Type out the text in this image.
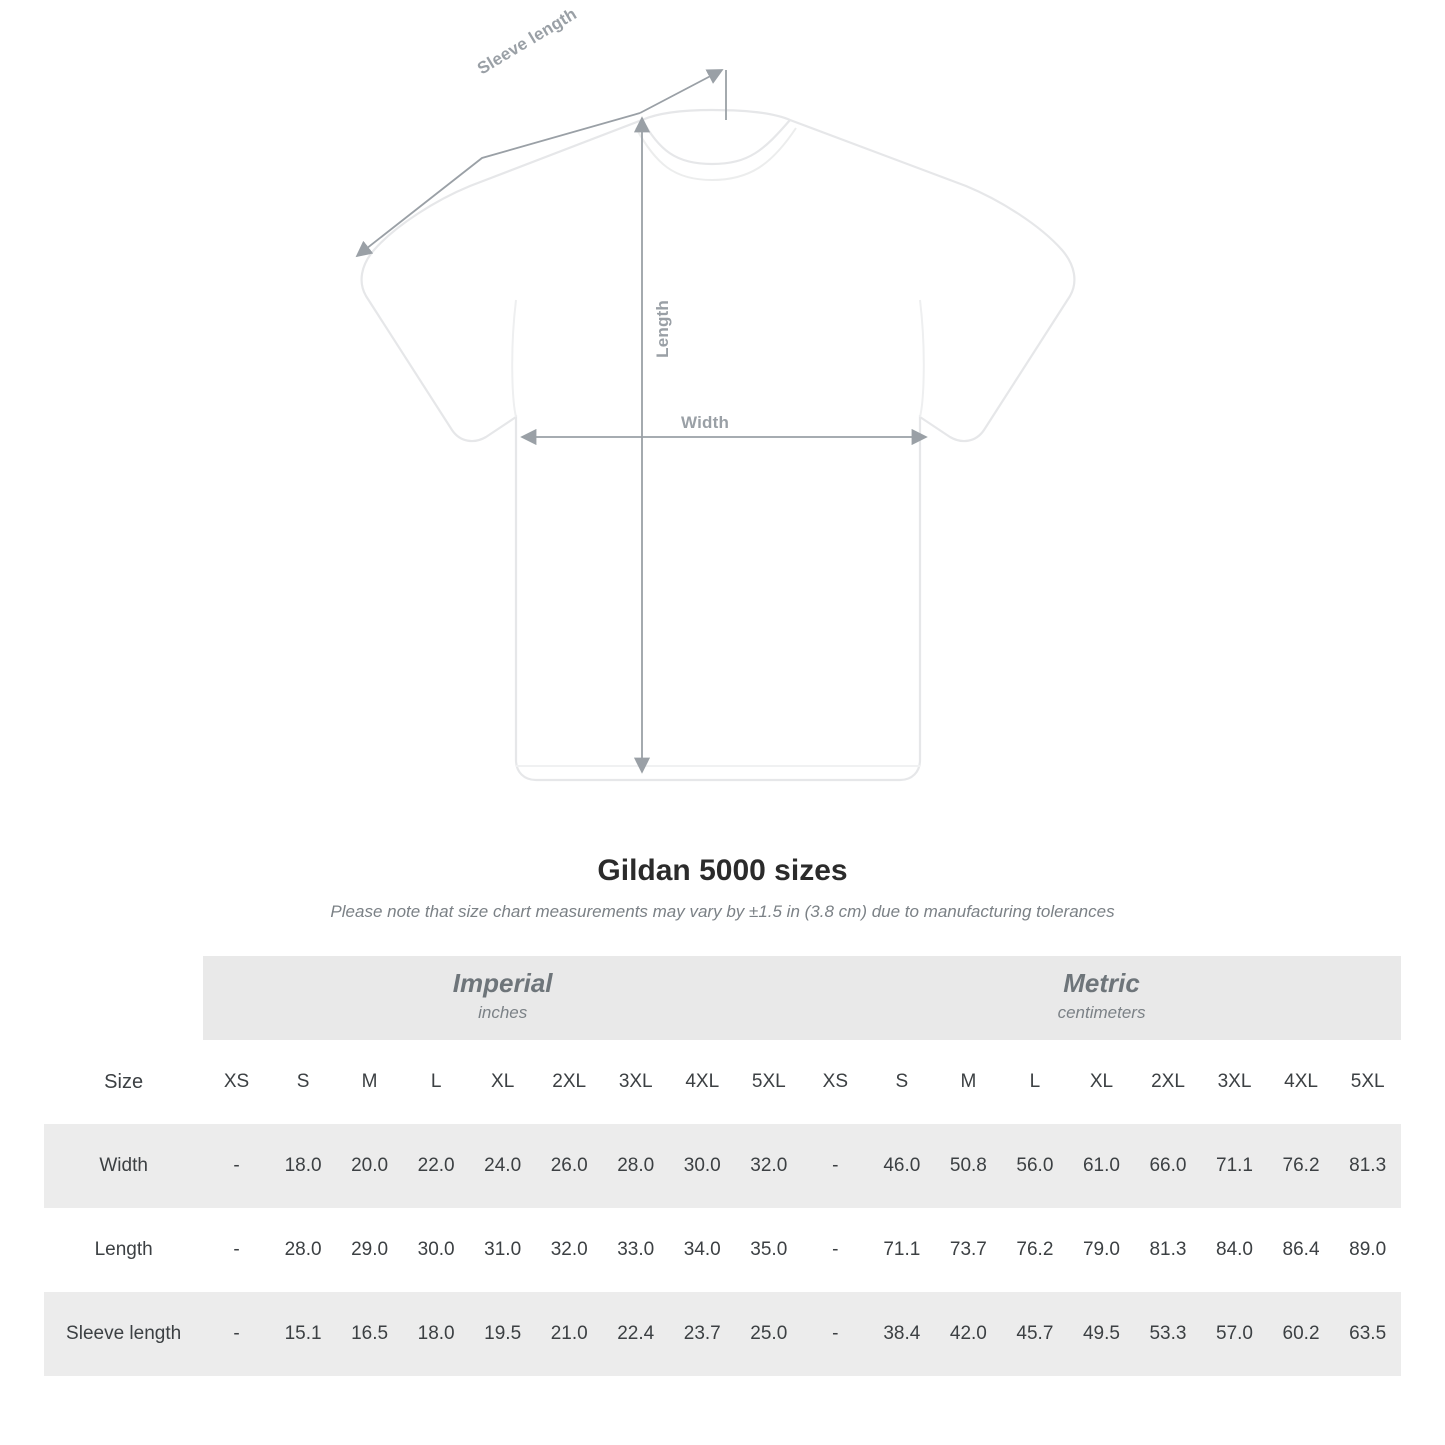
Sleeve length
Length
Width
Gildan 5000 sizes
Please note that size chart measurements may vary by ±1.5 in (3.8 cm) due to manufacturing tolerances

Imperial
inches

Metric
centimeters

Size	XS	S	M	L	XL	2XL	3XL	4XL	5XL	XS	S	M	L	XL	2XL	3XL	4XL	5XL
Width	-	18.0	20.0	22.0	24.0	26.0	28.0	30.0	32.0	-	46.0	50.8	56.0	61.0	66.0	71.1	76.2	81.3
Length	-	28.0	29.0	30.0	31.0	32.0	33.0	34.0	35.0	-	71.1	73.7	76.2	79.0	81.3	84.0	86.4	89.0
Sleeve length	-	15.1	16.5	18.0	19.5	21.0	22.4	23.7	25.0	-	38.4	42.0	45.7	49.5	53.3	57.0	60.2	63.5
